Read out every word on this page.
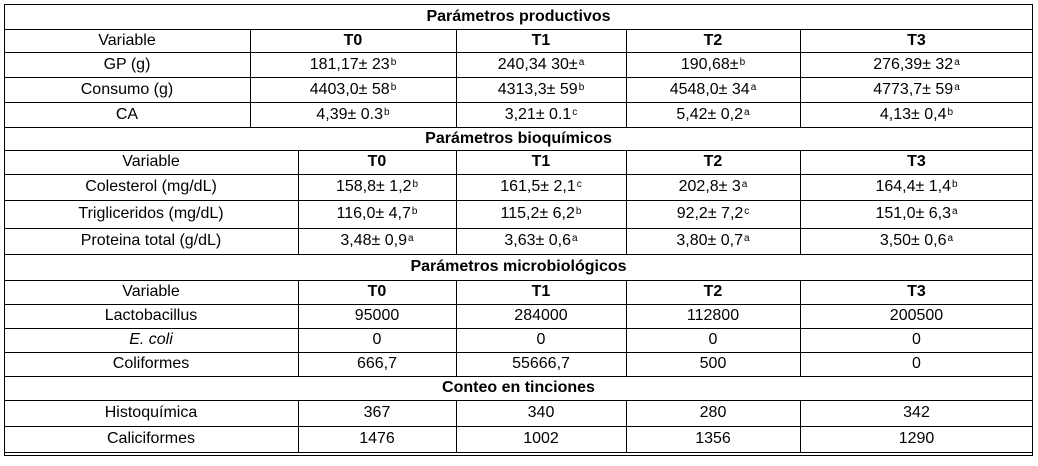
Parámetros productivos
Variable	T0	T1	T2	T3
GP (g)	181,17± 23 b	240,34 30± a	190,68± b	276,39± 32 a
Consumo (g)	4403,0± 58 b	4313,3± 59 b	4548,0± 34 a	4773,7± 59 a
CA	4,39± 0.3 b	3,21± 0.1 c	5,42± 0,2 a	4,13± 0,4 b
Parámetros bioquímicos
Variable	T0	T1	T2	T3
Colesterol (mg/dL)	158,8± 1,2 b	161,5± 2,1 c	202,8± 3 a	164,4± 1,4 b
Trigliceridos (mg/dL)	116,0± 4,7 b	115,2± 6,2 b	92,2± 7,2 c	151,0± 6,3 a
Proteina total (g/dL)	3,48± 0,9 a	3,63± 0,6 a	3,80± 0,7 a	3,50± 0,6 a
Parámetros microbiológicos
Variable	T0	T1	T2	T3
Lactobacillus	95000	284000	112800	200500
E. coli	0	0	0	0
Coliformes	666,7	55666,7	500	0
Conteo en tinciones
Histoquímica	367	340	280	342
Caliciformes	1476	1002	1356	1290
